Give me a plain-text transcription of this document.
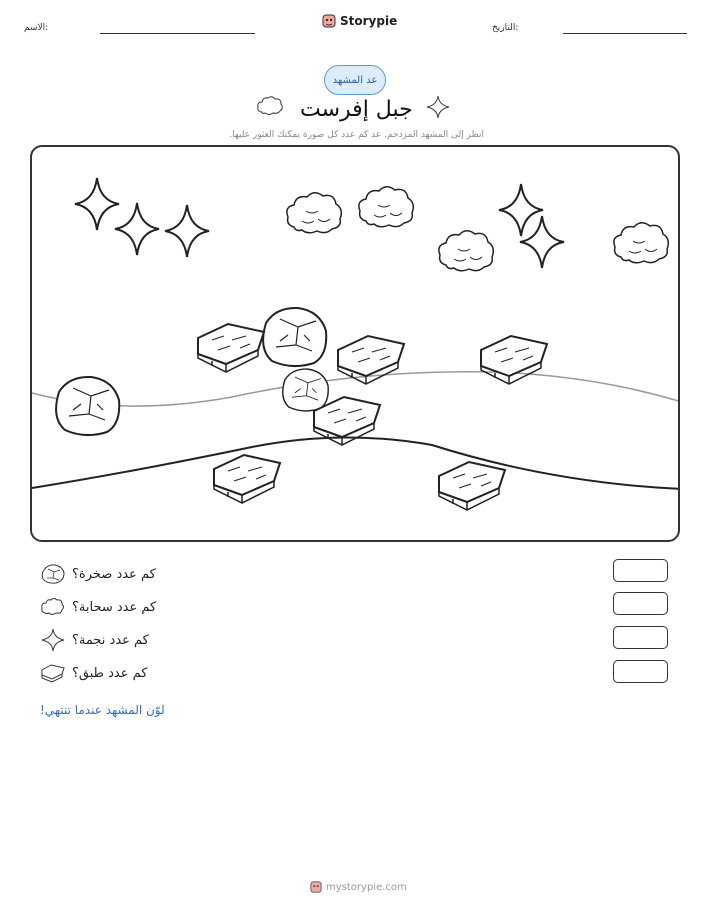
التاريخ:
الاسم:	Storypie
عد المشهد
جبل إفرست
انظر إلى المشهد المزدحم. عد كم عدد كل صورة يمكنك العثور عليها.
كم عدد صخرة؟
كم عدد سحابة؟
كم عدد نجمة؟
كم عدد طبق؟
لوّن المشهد عندما تنتهي!
mystorypie.com
